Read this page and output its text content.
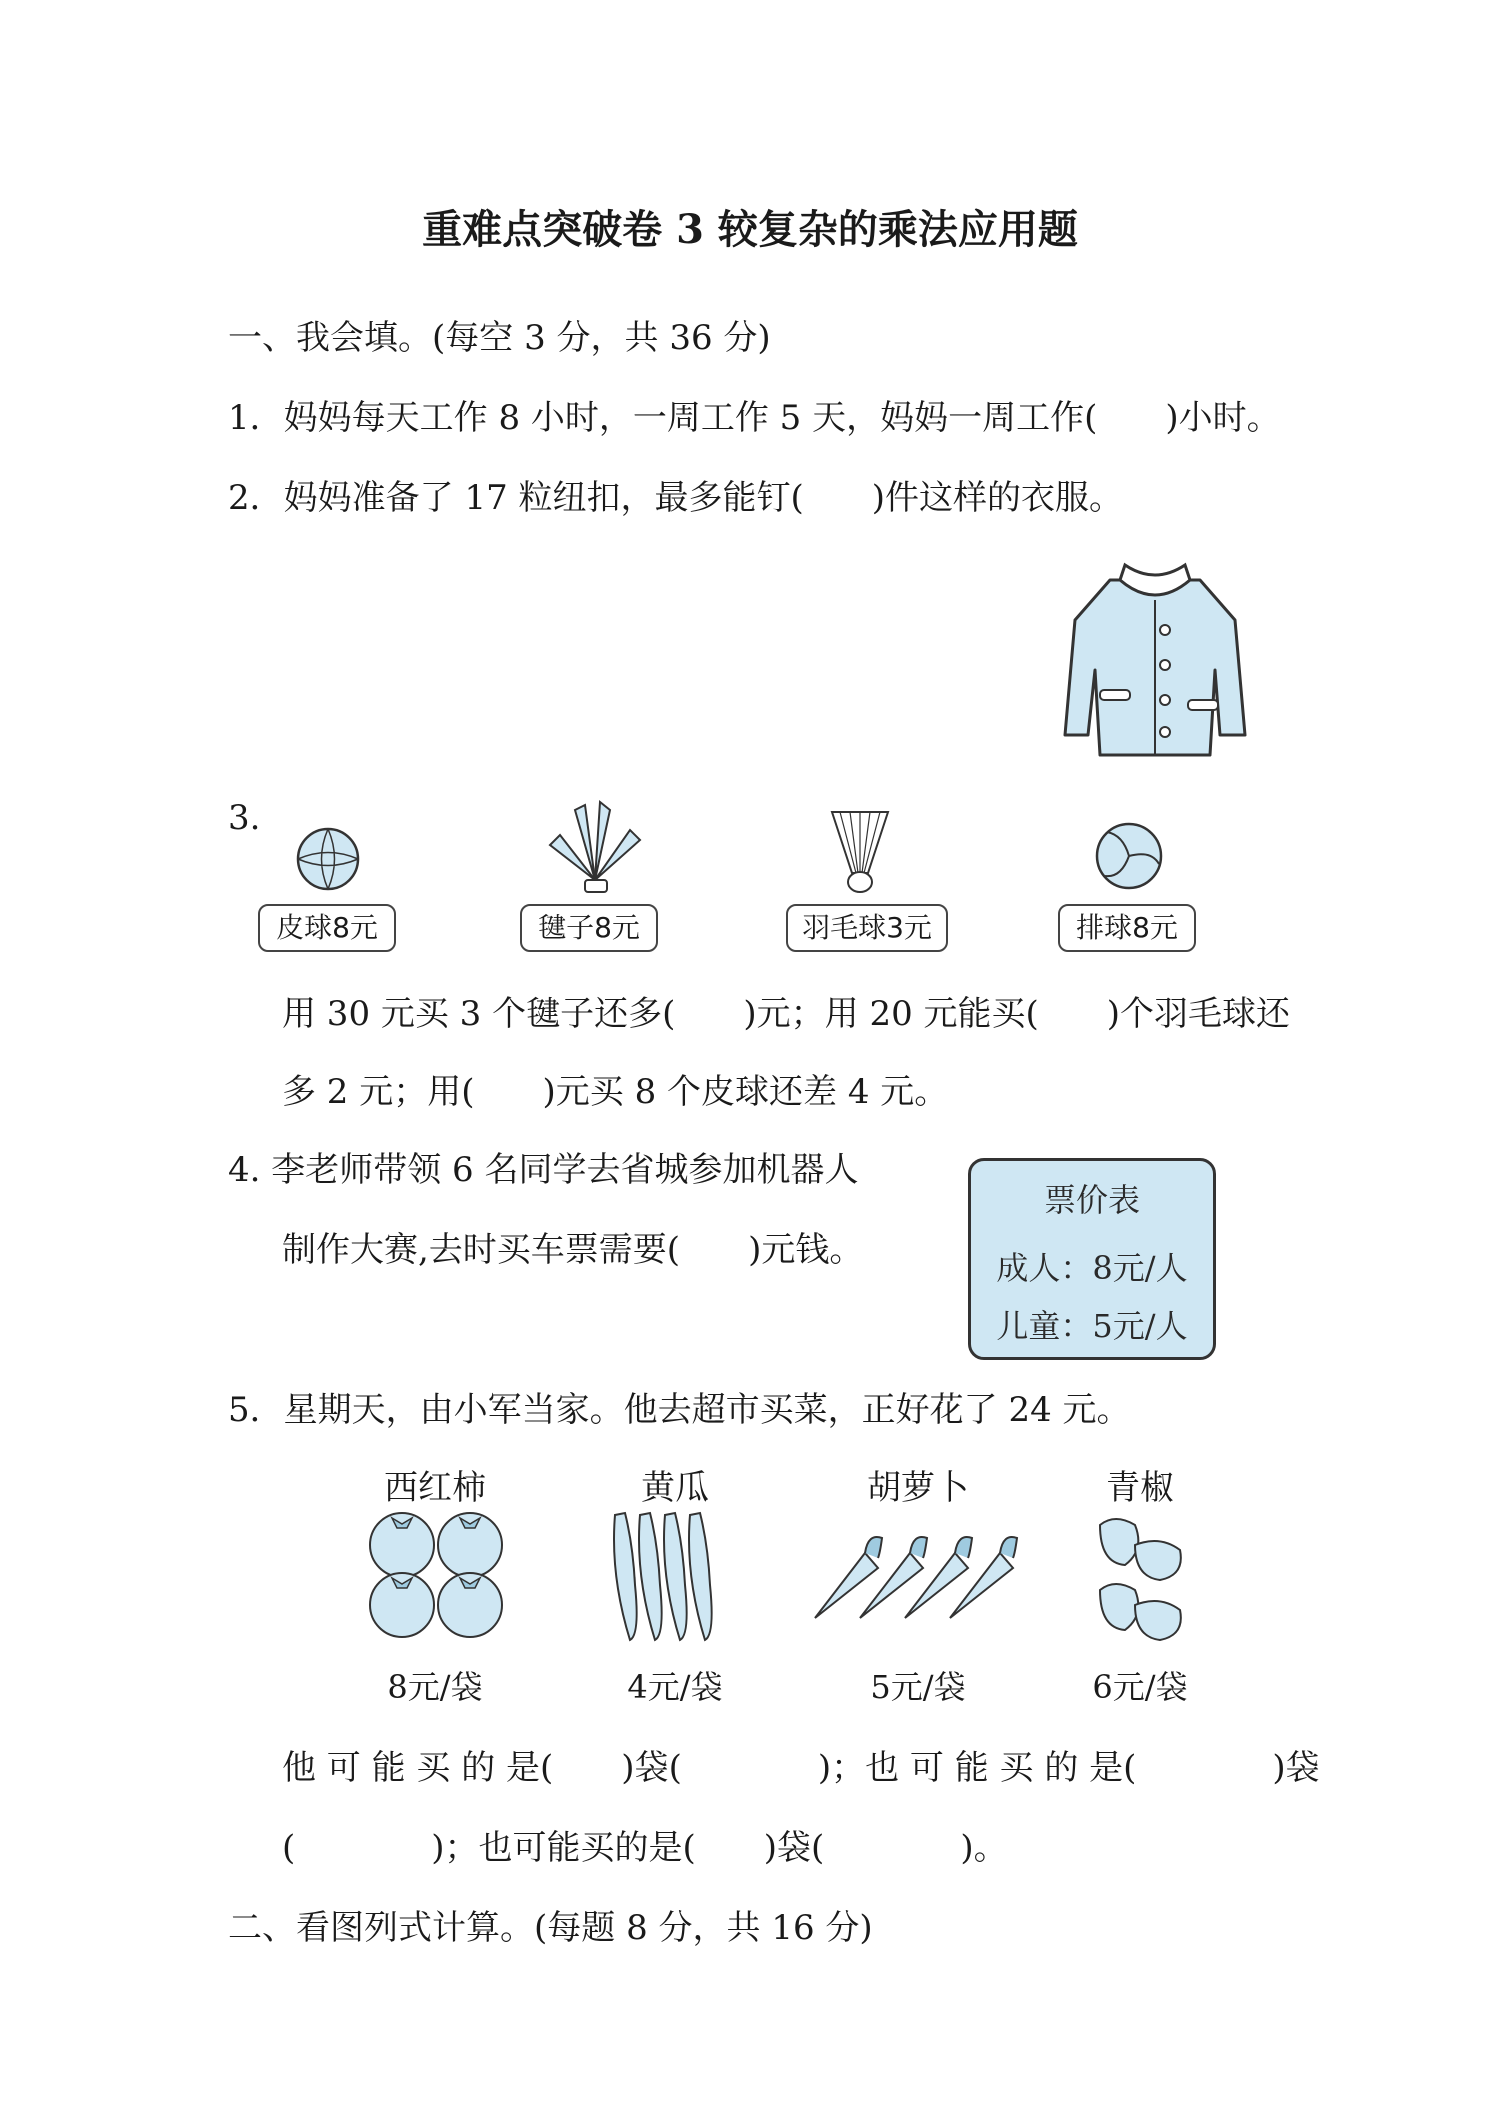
重难点突破卷 3 较复杂的乘法应用题
一、我会填。(每空 3 分，共 36 分)
1．妈妈每天工作 8 小时，一周工作 5 天，妈妈一周工作(　　)小时。
2．妈妈准备了 17 粒纽扣，最多能钉(　　)件这样的衣服。
3.
皮球8元	毽子8元	羽毛球3元	排球8元
用 30 元买 3 个毽子还多(　　)元；用 20 元能买(　　)个羽毛球还
多 2 元；用(　　)元买 8 个皮球还差 4 元。
4. 李老师带领 6 名同学去省城参加机器人
制作大赛,去时买车票需要(　　)元钱。
票价表
成人：8元/人
儿童：5元/人
5．星期天，由小军当家。他去超市买菜，正好花了 24 元。
西红柿	黄瓜	胡萝卜	青椒
8元/袋	4元/袋	5元/袋	6元/袋
他 可 能 买 的 是(　　)袋(　　　　)；也 可 能 买 的 是(　　　　)袋
(　　　　)；也可能买的是(　　)袋(　　　　)。
二、看图列式计算。(每题 8 分，共 16 分)
